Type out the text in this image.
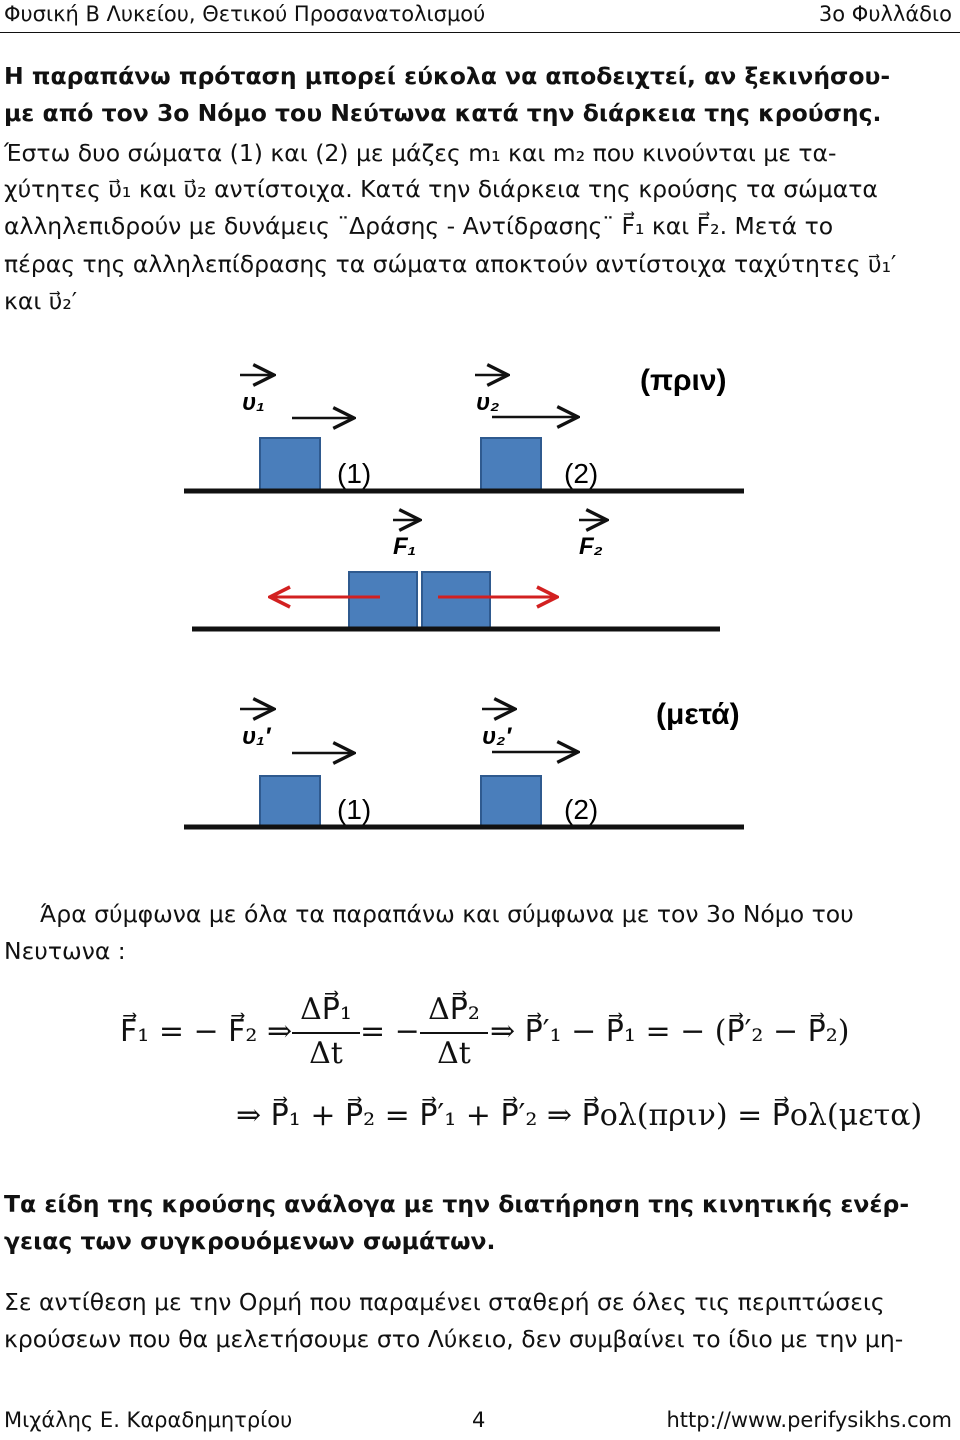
Φυσική Β Λυκείου, Θετικού Προσανατολισμού	3ο Φυλλάδιο
Η παραπάνω πρόταση μπορεί εύκολα να αποδειχτεί, αν ξεκινήσου-
με από τον 3ο Νόμο του Νεύτωνα κατά την διάρκεια της κρούσης.
Έστω δυο σώματα (1) και (2) με μάζες m₁ και m₂ που κινούνται με τα-
χύτητες υ⃗₁ και υ⃗₂ αντίστοιχα. Κατά την διάρκεια της κρούσης τα σώματα
αλληλεπιδρούν με δυνάμεις ¨Δράσης - Αντίδρασης¨ F⃗₁ και F⃗₂. Μετά το
πέρας της αλληλεπίδρασης τα σώματα αποκτούν αντίστοιχα ταχύτητες υ⃗₁′
και υ⃗₂′
(πριν)
υ₁	υ₂
(1)	(2)
F₁	F₂
(μετά)
υ₁′	υ₂′
(1)	(2)
Άρα σύμφωνα με όλα τα παραπάνω και σύμφωνα με τον 3ο Νόμο του
Νευτωνα :
F⃗₁ = − F⃗₂ ⇒
ΔP⃗₁
Δt
= −
ΔP⃗₂
Δt
⇒ P⃗′₁ − P⃗₁ = − (P⃗′₂ − P⃗₂)
⇒ P⃗₁ + P⃗₂ = P⃗′₁ + P⃗′₂ ⇒ P⃗ολ(πριν) = P⃗ολ(μετα)
Τα είδη της κρούσης ανάλογα με την διατήρηση της κινητικής ενέρ-
γειας των συγκρουόμενων σωμάτων.
Σε αντίθεση με την Ορμή που παραμένει σταθερή σε όλες τις περιπτώσεις
κρούσεων που θα μελετήσουμε στο Λύκειο, δεν συμβαίνει το ίδιο με την μη-
Μιχάλης Ε. Καραδημητρίου	4	http://www.perifysikhs.com
